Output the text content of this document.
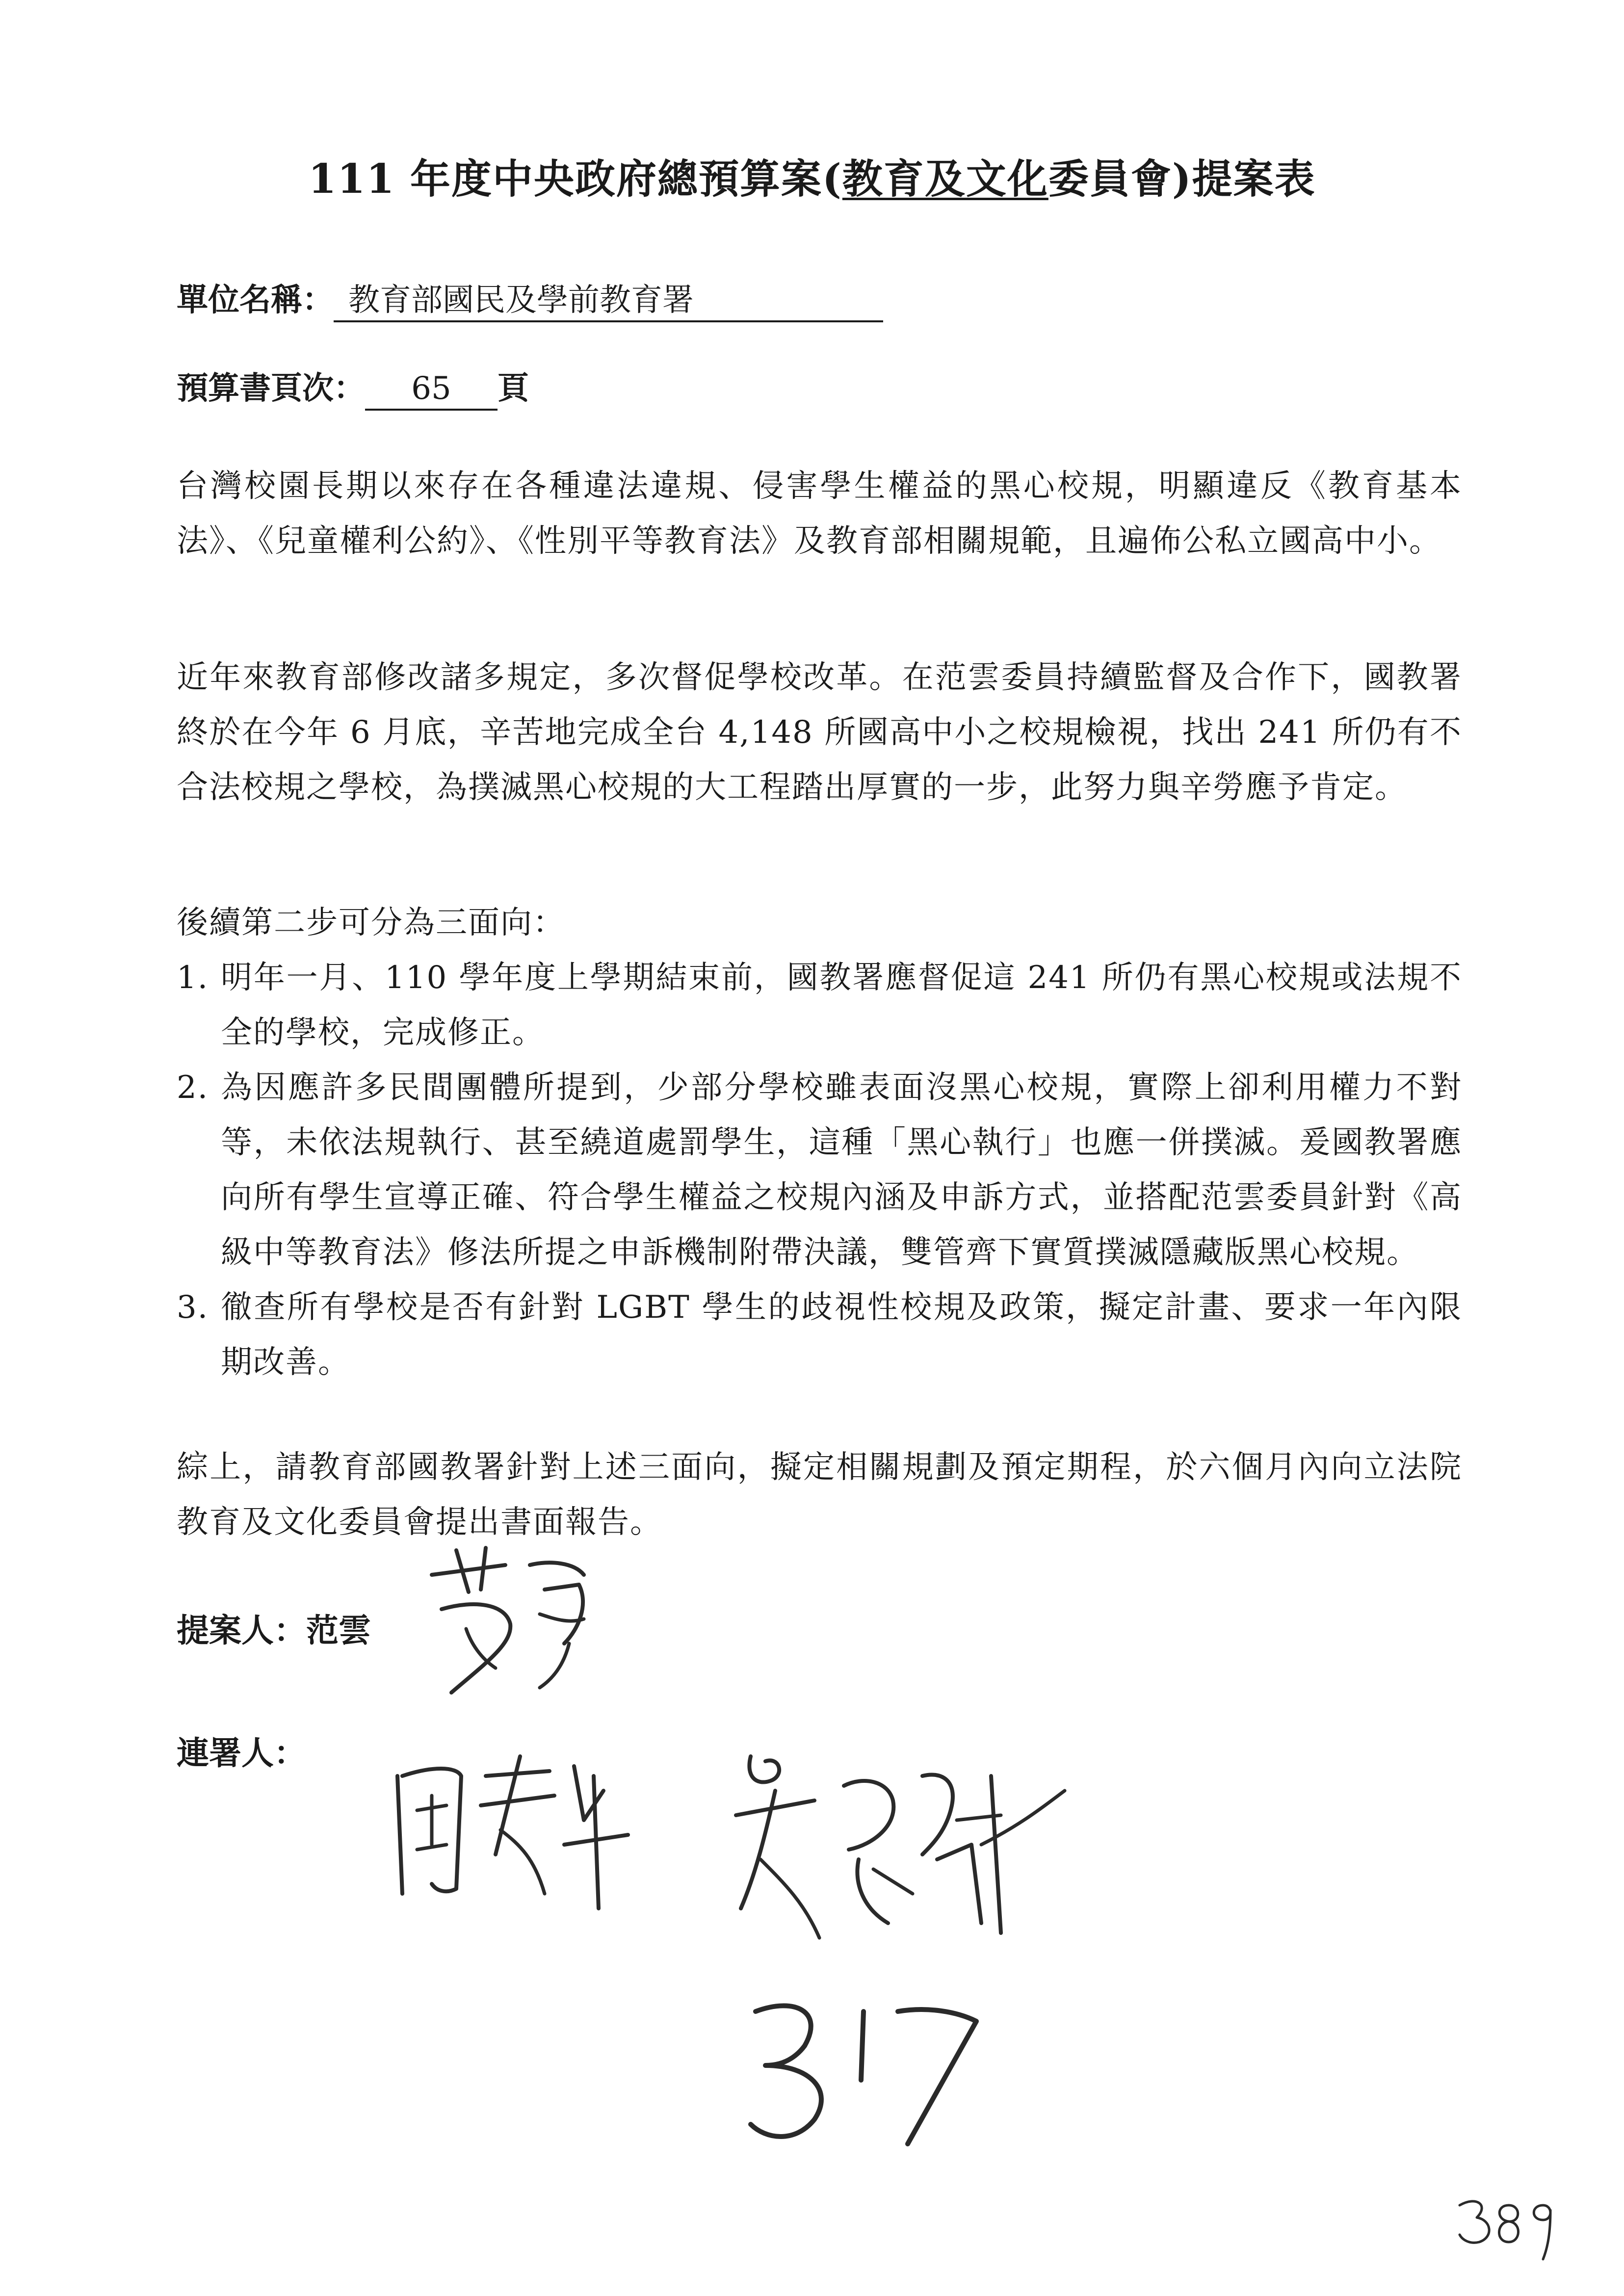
111 年度中央政府總預算案(教育及文化委員會)提案表
單位名稱： 教育部國民及學前教育署
預算書頁次： 65 頁
台灣校園長期以來存在各種違法違規、侵害學生權益的黑心校規，明顯違反《教育基本法》、《兒童權利公約》、《性別平等教育法》及教育部相關規範，且遍佈公私立國高中小。
近年來教育部修改諸多規定，多次督促學校改革。在范雲委員持續監督及合作下，國教署終於在今年 6 月底，辛苦地完成全台 4,148 所國高中小之校規檢視，找出 241 所仍有不合法校規之學校，為撲滅黑心校規的大工程踏出厚實的一步，此努力與辛勞應予肯定。
後續第二步可分為三面向：
1. 明年一月、110 學年度上學期結束前，國教署應督促這 241 所仍有黑心校規或法規不全的學校，完成修正。
2. 為因應許多民間團體所提到，少部分學校雖表面沒黑心校規，實際上卻利用權力不對等，未依法規執行、甚至繞道處罰學生，這種「黑心執行」也應一併撲滅。爰國教署應向所有學生宣導正確、符合學生權益之校規內涵及申訴方式，並搭配范雲委員針對《高級中等教育法》修法所提之申訴機制附帶決議，雙管齊下實質撲滅隱藏版黑心校規。
3. 徹查所有學校是否有針對 LGBT 學生的歧視性校規及政策，擬定計畫、要求一年內限期改善。
綜上，請教育部國教署針對上述三面向，擬定相關規劃及預定期程，於六個月內向立法院教育及文化委員會提出書面報告。
提案人：范雲
連署人：
